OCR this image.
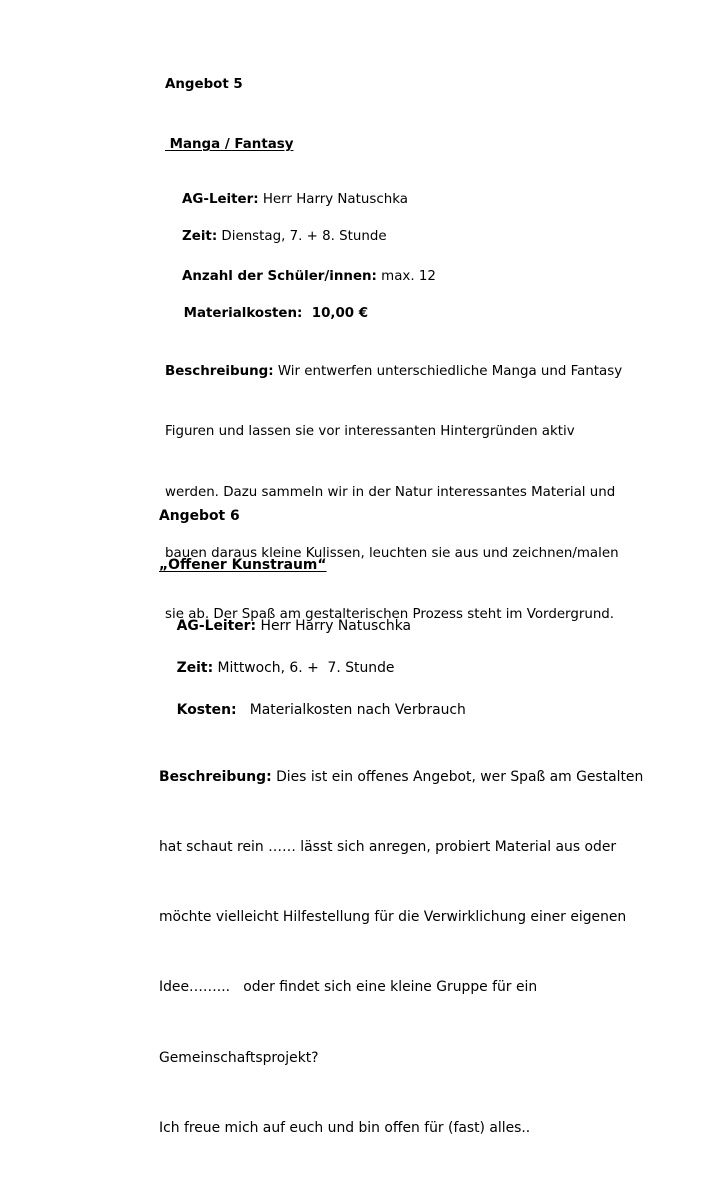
Angebot 5
Manga / Fantasy

AG-Leiter: Herr Harry Natuschka

Zeit: Dienstag, 7. + 8. Stunde

Anzahl der Schüler/innen: max. 12

Materialkosten:  10,00 €

Beschreibung: Wir entwerfen unterschiedliche Manga und Fantasy

Figuren und lassen sie vor interessanten Hintergründen aktiv

werden. Dazu sammeln wir in der Natur interessantes Material und

bauen daraus kleine Kulissen, leuchten sie aus und zeichnen/malen

sie ab. Der Spaß am gestalterischen Prozess steht im Vordergrund.

Angebot 6
„Offener Kunstraum“

AG-Leiter: Herr Harry Natuschka

Zeit: Mittwoch, 6. +  7. Stunde

Kosten:   Materialkosten nach Verbrauch

Beschreibung: Dies ist ein offenes Angebot, wer Spaß am Gestalten

hat schaut rein …… lässt sich anregen, probiert Material aus oder

möchte vielleicht Hilfestellung für die Verwirklichung einer eigenen

Idee……...   oder findet sich eine kleine Gruppe für ein

Gemeinschaftsprojekt?

Ich freue mich auf euch und bin offen für (fast) alles..
